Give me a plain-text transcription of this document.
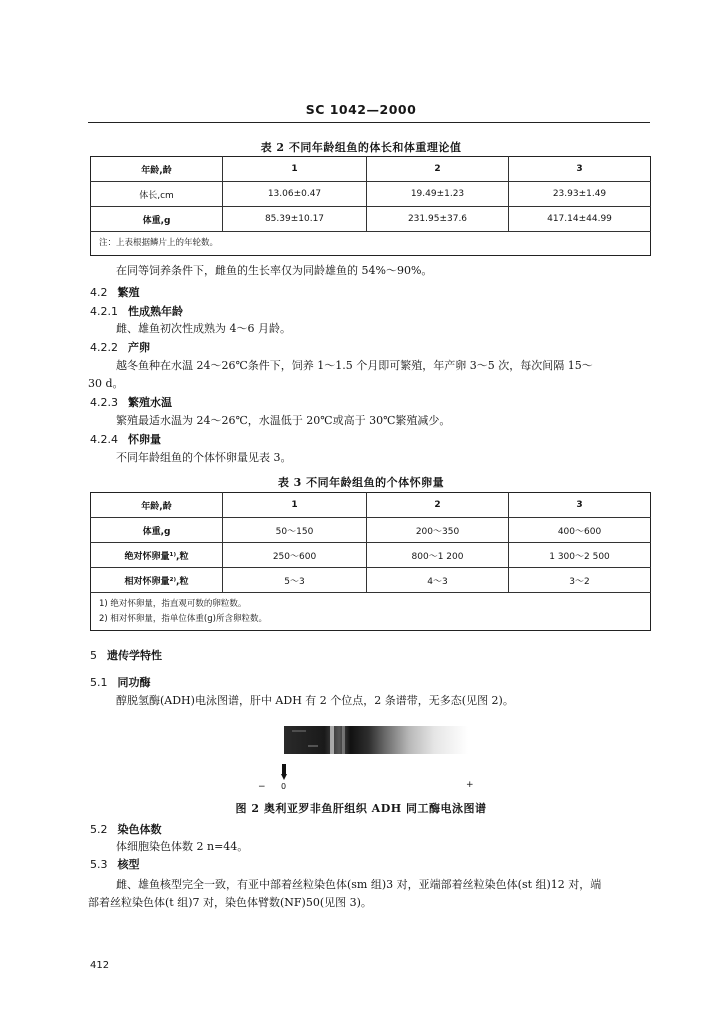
SC 1042—2000
表 2 不同年龄组鱼的体长和体重理论值
年龄,龄	1	2	3
体长,cm	13.06±0.47	19.49±1.23	23.93±1.49
体重,g	85.39±10.17	231.95±37.6	417.14±44.99
注：上表根据鳞片上的年轮数。			
在同等饲养条件下，雌鱼的生长率仅为同龄雄鱼的 54%～90%。
4.2 繁殖
4.2.1 性成熟年龄
雌、雄鱼初次性成熟为 4～6 月龄。
4.2.2 产卵
越冬鱼种在水温 24～26℃条件下，饲养 1～1.5 个月即可繁殖，年产卵 3～5 次，每次间隔 15～
30 d。
4.2.3 繁殖水温
繁殖最适水温为 24～26℃，水温低于 20℃或高于 30℃繁殖减少。
4.2.4 怀卵量
不同年龄组鱼的个体怀卵量见表 3。
表 3 不同年龄组鱼的个体怀卵量
年龄,龄	1	2	3
体重,g	50～150	200～350	400～600
绝对怀卵量¹⁾,粒	250～600	800～1 200	1 300～2 500
相对怀卵量²⁾,粒	5～3	4～3	3～2

1) 绝对怀卵量，指直观可数的卵粒数。
2) 相对怀卵量，指单位体重(g)所含卵粒数。			
5 遗传学特性
5.1 同功酶
醇脱氢酶(ADH)电泳图谱，肝中 ADH 有 2 个位点，2 条谱带，无多态(见图 2)。
− 0	+
图 2 奥利亚罗非鱼肝组织 ADH 同工酶电泳图谱
5.2 染色体数
体细胞染色体数 2 n=44。
5.3 核型
雌、雄鱼核型完全一致，有亚中部着丝粒染色体(sm 组)3 对，亚端部着丝粒染色体(st 组)12 对，端
部着丝粒染色体(t 组)7 对，染色体臂数(NF)50(见图 3)。
412
